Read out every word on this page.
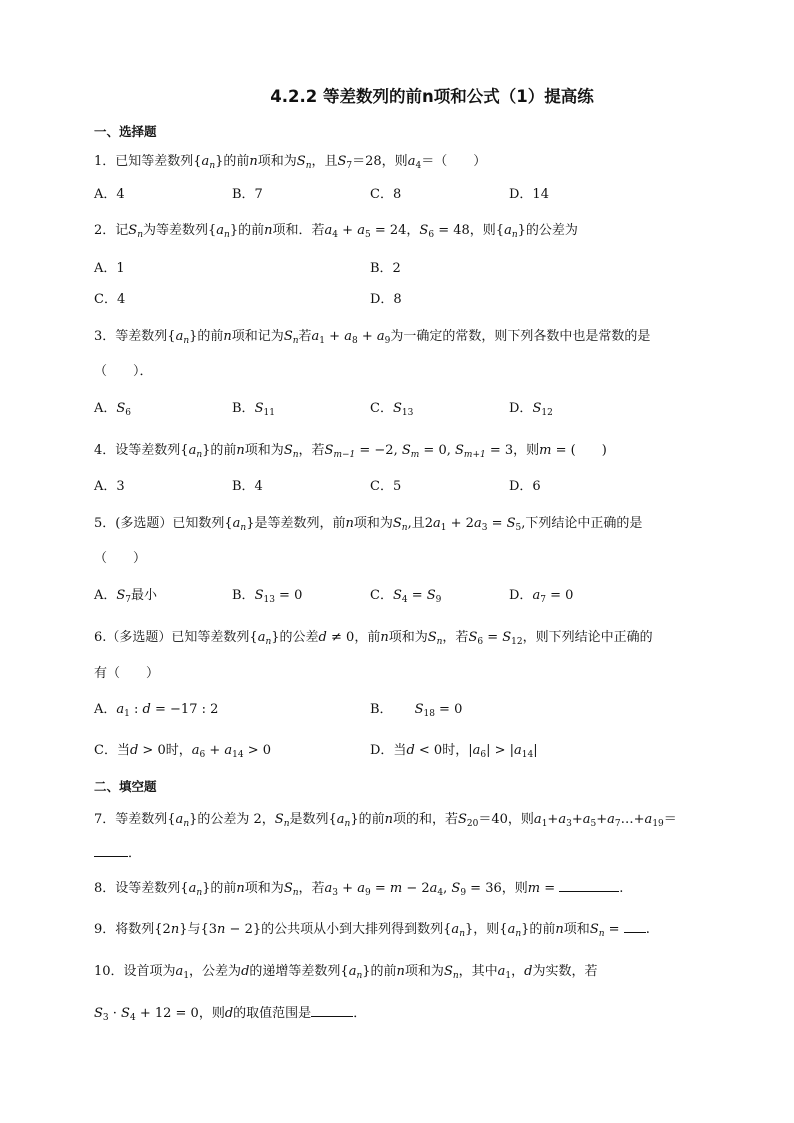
4.2.2 等差数列的前n项和公式（1）提高练
一、选择题
1．已知等差数列$\{a_n\}$的前n项和为$S_n$，且$S_7=28$，则$a_4=$（　　）
A．4	B．7	C．8	D．14
2．记$S_n$为等差数列$\{a_n\}$的前n项和．若$a_4 + a_5 = 24$，$S_6 = 48$，则$\{a_n\}$的公差为
A．1	B．2
C．4	D．8
3．等差数列$\{a_n\}$的前n项和记为$S_n$若$a_1 + a_8 + a_9$为一确定的常数，则下列各数中也是常数的是
（　　）．
A．$S_6$	B．$S_{11}$	C．$S_{13}$	D．$S_{12}$
4．设等差数列$\{a_n\}$的前n项和为$S_n$，若$S_{m-1} = -2$, $S_m = 0$, $S_{m+1} = 3$，则m = (　　)
A．3	B．4	C．5	D．6
5．(多选题）已知数列$\{a_n\}$是等差数列，前n项和为$S_n$,且$2a_1 + 2a_3 = S_5$,下列结论中正确的是
（　　）
A．$S_7$最小	B．$S_{13} = 0$	C．$S_4 = S_9$	D．$a_7 = 0$
6.（多选题）已知等差数列$\{a_n\}$的公差d ≠ 0，前n项和为$S_n$，若$S_6 = S_{12}$，则下列结论中正确的
有（　　）
A．$a_1$ : d = −17 : 2	B． $S_{18} = 0$
C．当d > 0时，$a_6 + a_{14} > 0$	D．当d < 0时，$|a_6| > |a_{14}|$
二、填空题
7．等差数列$\{a_n\}$的公差为 2，$S_n$是数列$\{a_n\}$的前n项的和，若$S_{20}=40$，则$a_1+a_3+a_5+a_7\dots+a_{19}=$
．
8．设等差数列$\{a_n\}$的前n项和为$S_n$，若$a_3 + a_9 = m - 2a_4$, $S_9 = 36$，则m =	.
9．将数列{2n}与{3n − 2}的公共项从小到大排列得到数列$\{a_n\}$，则$\{a_n\}$的前n项和$S_n$ = .
10．设首项为$a_1$，公差为d的递增等差数列$\{a_n\}$的前n项和为$S_n$，其中$a_1$，d为实数，若
$S_3 \cdot S_4 + 12 = 0$，则d的取值范围是	．
